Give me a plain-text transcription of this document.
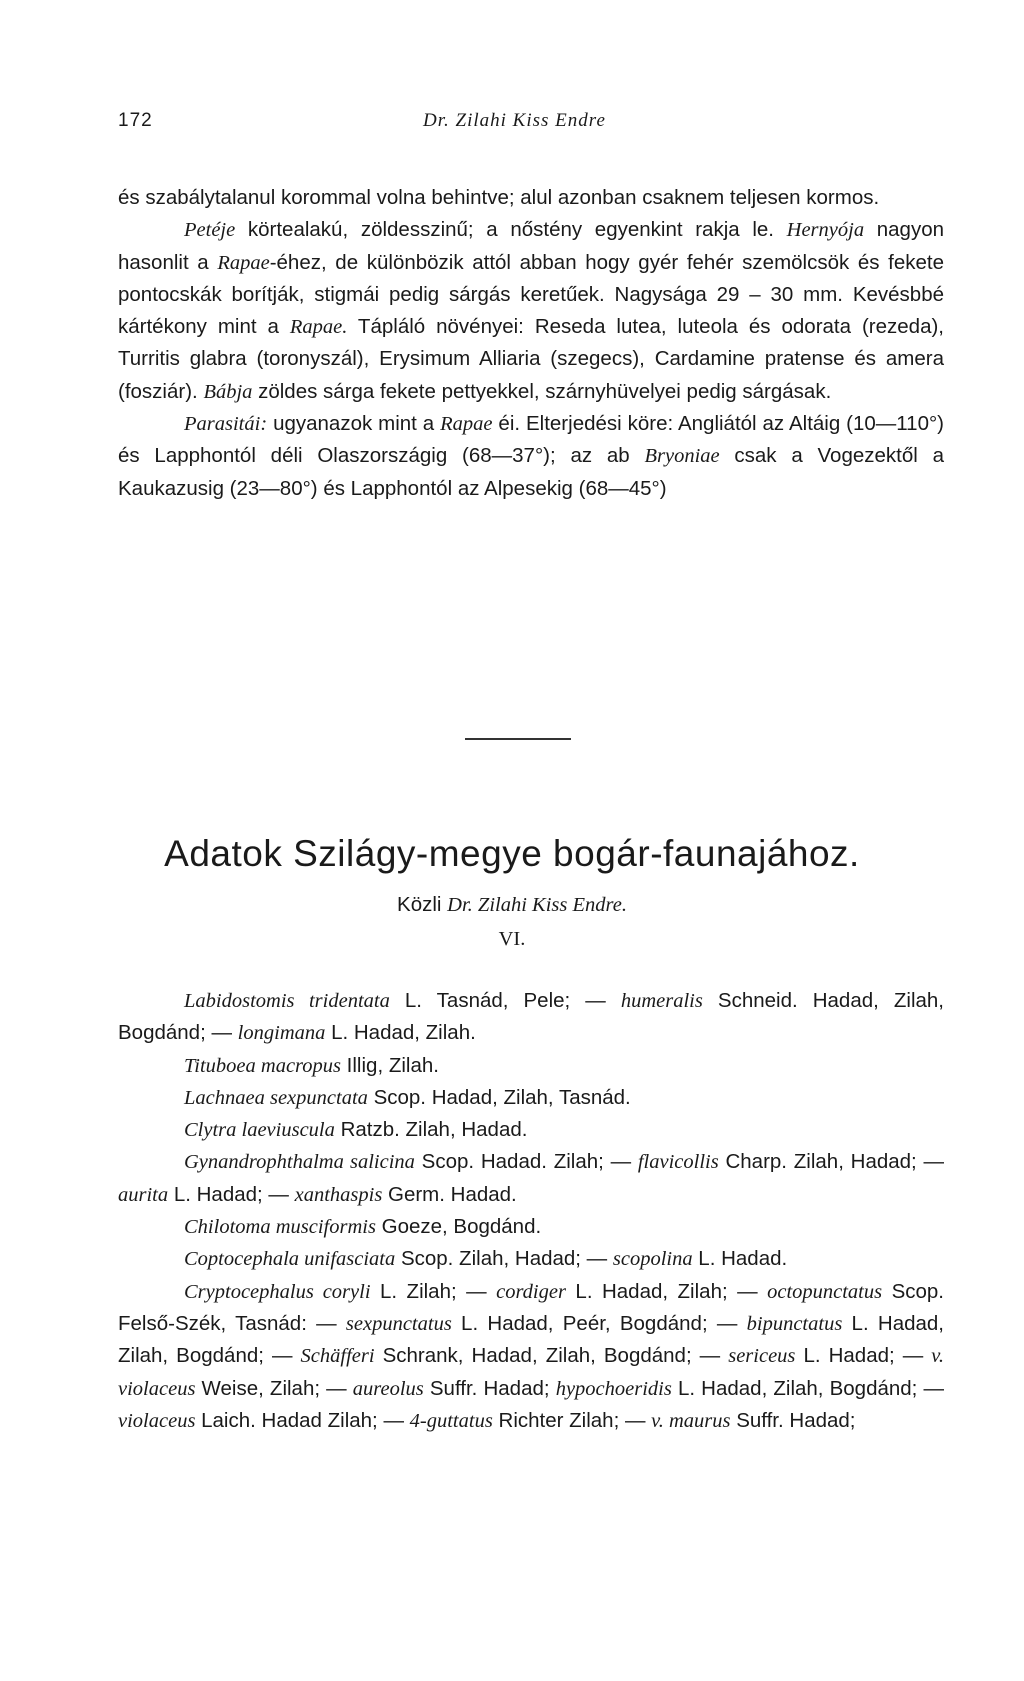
172	Dr. Zilahi Kiss Endre

és szabálytalanul korommal volna behintve; alul azonban csaknem teljesen kormos.

Petéje körtealakú, zöldesszinű; a nőstény egyenkint rakja le. Hernyója nagyon hasonlit a Rapae-éhez, de különbözik attól abban hogy gyér fehér szemölcsök és fekete pontocskák borítják, stigmái pedig sárgás keretűek. Nagysága 29 – 30 mm. Kevésbbé kártékony mint a Rapae. Tápláló növényei: Reseda lutea, luteola és odorata (rezeda), Turritis glabra (toronyszál), Erysimum Alliaria (szegecs), Cardamine pratense és amera (fosziár). Bábja zöldes sárga fekete pettyekkel, szárnyhüvelyei pedig sárgásak.

Parasitái: ugyanazok mint a Rapae éi. Elterjedési köre: Angliától az Altáig (10—110°) és Lapphontól déli Olaszországig (68—37°); az ab Bryoniae csak a Vogezektől a Kaukazusig (23—80°) és Lapphontól az Alpesekig (68—45°)

Adatok Szilágy-megye bogár-faunajához.
Közli Dr. Zilahi Kiss Endre.
VI.

Labidostomis tridentata L. Tasnád, Pele; — humeralis Schneid. Hadad, Zilah, Bogdánd; — longimana L. Hadad, Zilah.

Tituboea macropus Illig, Zilah.

Lachnaea sexpunctata Scop. Hadad, Zilah, Tasnád.

Clytra laeviuscula Ratzb. Zilah, Hadad.

Gynandrophthalma salicina Scop. Hadad. Zilah; — flavicollis Charp. Zilah, Hadad; — aurita L. Hadad; — xanthaspis Germ. Hadad.

Chilotoma musciformis Goeze, Bogdánd.

Coptocephala unifasciata Scop. Zilah, Hadad; — scopolina L. Hadad.

Cryptocephalus coryli L. Zilah; — cordiger L. Hadad, Zilah; — octopunctatus Scop. Felső-Szék, Tasnád: — sexpunctatus L. Hadad, Peér, Bogdánd; — bipunctatus L. Hadad, Zilah, Bogdánd; — Schäfferi Schrank, Hadad, Zilah, Bogdánd; — sericeus L. Hadad; — v. violaceus Weise, Zilah; — aureolus Suffr. Hadad; hypochoeridis L. Hadad, Zilah, Bogdánd; — violaceus Laich. Hadad Zilah; — 4-guttatus Richter Zilah; — v. maurus Suffr. Hadad;
